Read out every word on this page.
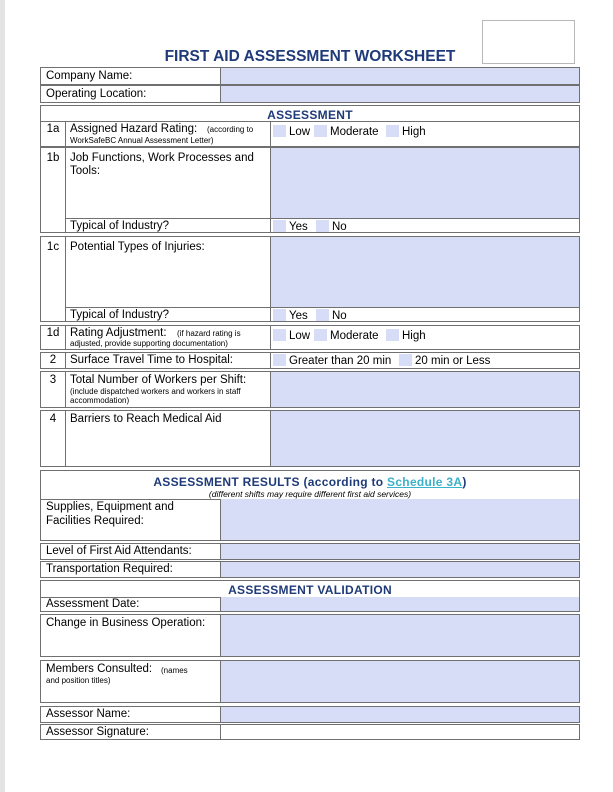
FIRST AID ASSESSMENT WORKSHEET
Company Name:
Operating Location:
ASSESSMENT
1a Assigned Hazard Rating: (according to
WorkSafeBC Annual Assessment Letter)
Low	Moderate	High
1b Job Functions, Work Processes and
Tools:
Typical of Industry?	Yes	No
1c Potential Types of Injuries:
Typical of Industry?	Yes	No
1d Rating Adjustment: (if hazard rating is
adjusted, provide supporting documentation)
Low	Moderate	High
2	Surface Travel Time to Hospital:	Greater than 20 min	20 min or Less
3	Total Number of Workers per Shift:
(include dispatched workers and workers in staff
accommodation)
4	Barriers to Reach Medical Aid
ASSESSMENT RESULTS (according to Schedule 3A)
(different shifts may require different first aid services)
Supplies, Equipment and
Facilities Required:
Level of First Aid Attendants:
Transportation Required:
ASSESSMENT VALIDATION
Assessment Date:
Change in Business Operation:
Members Consulted: (names
and position titles)
Assessor Name:
Assessor Signature:
